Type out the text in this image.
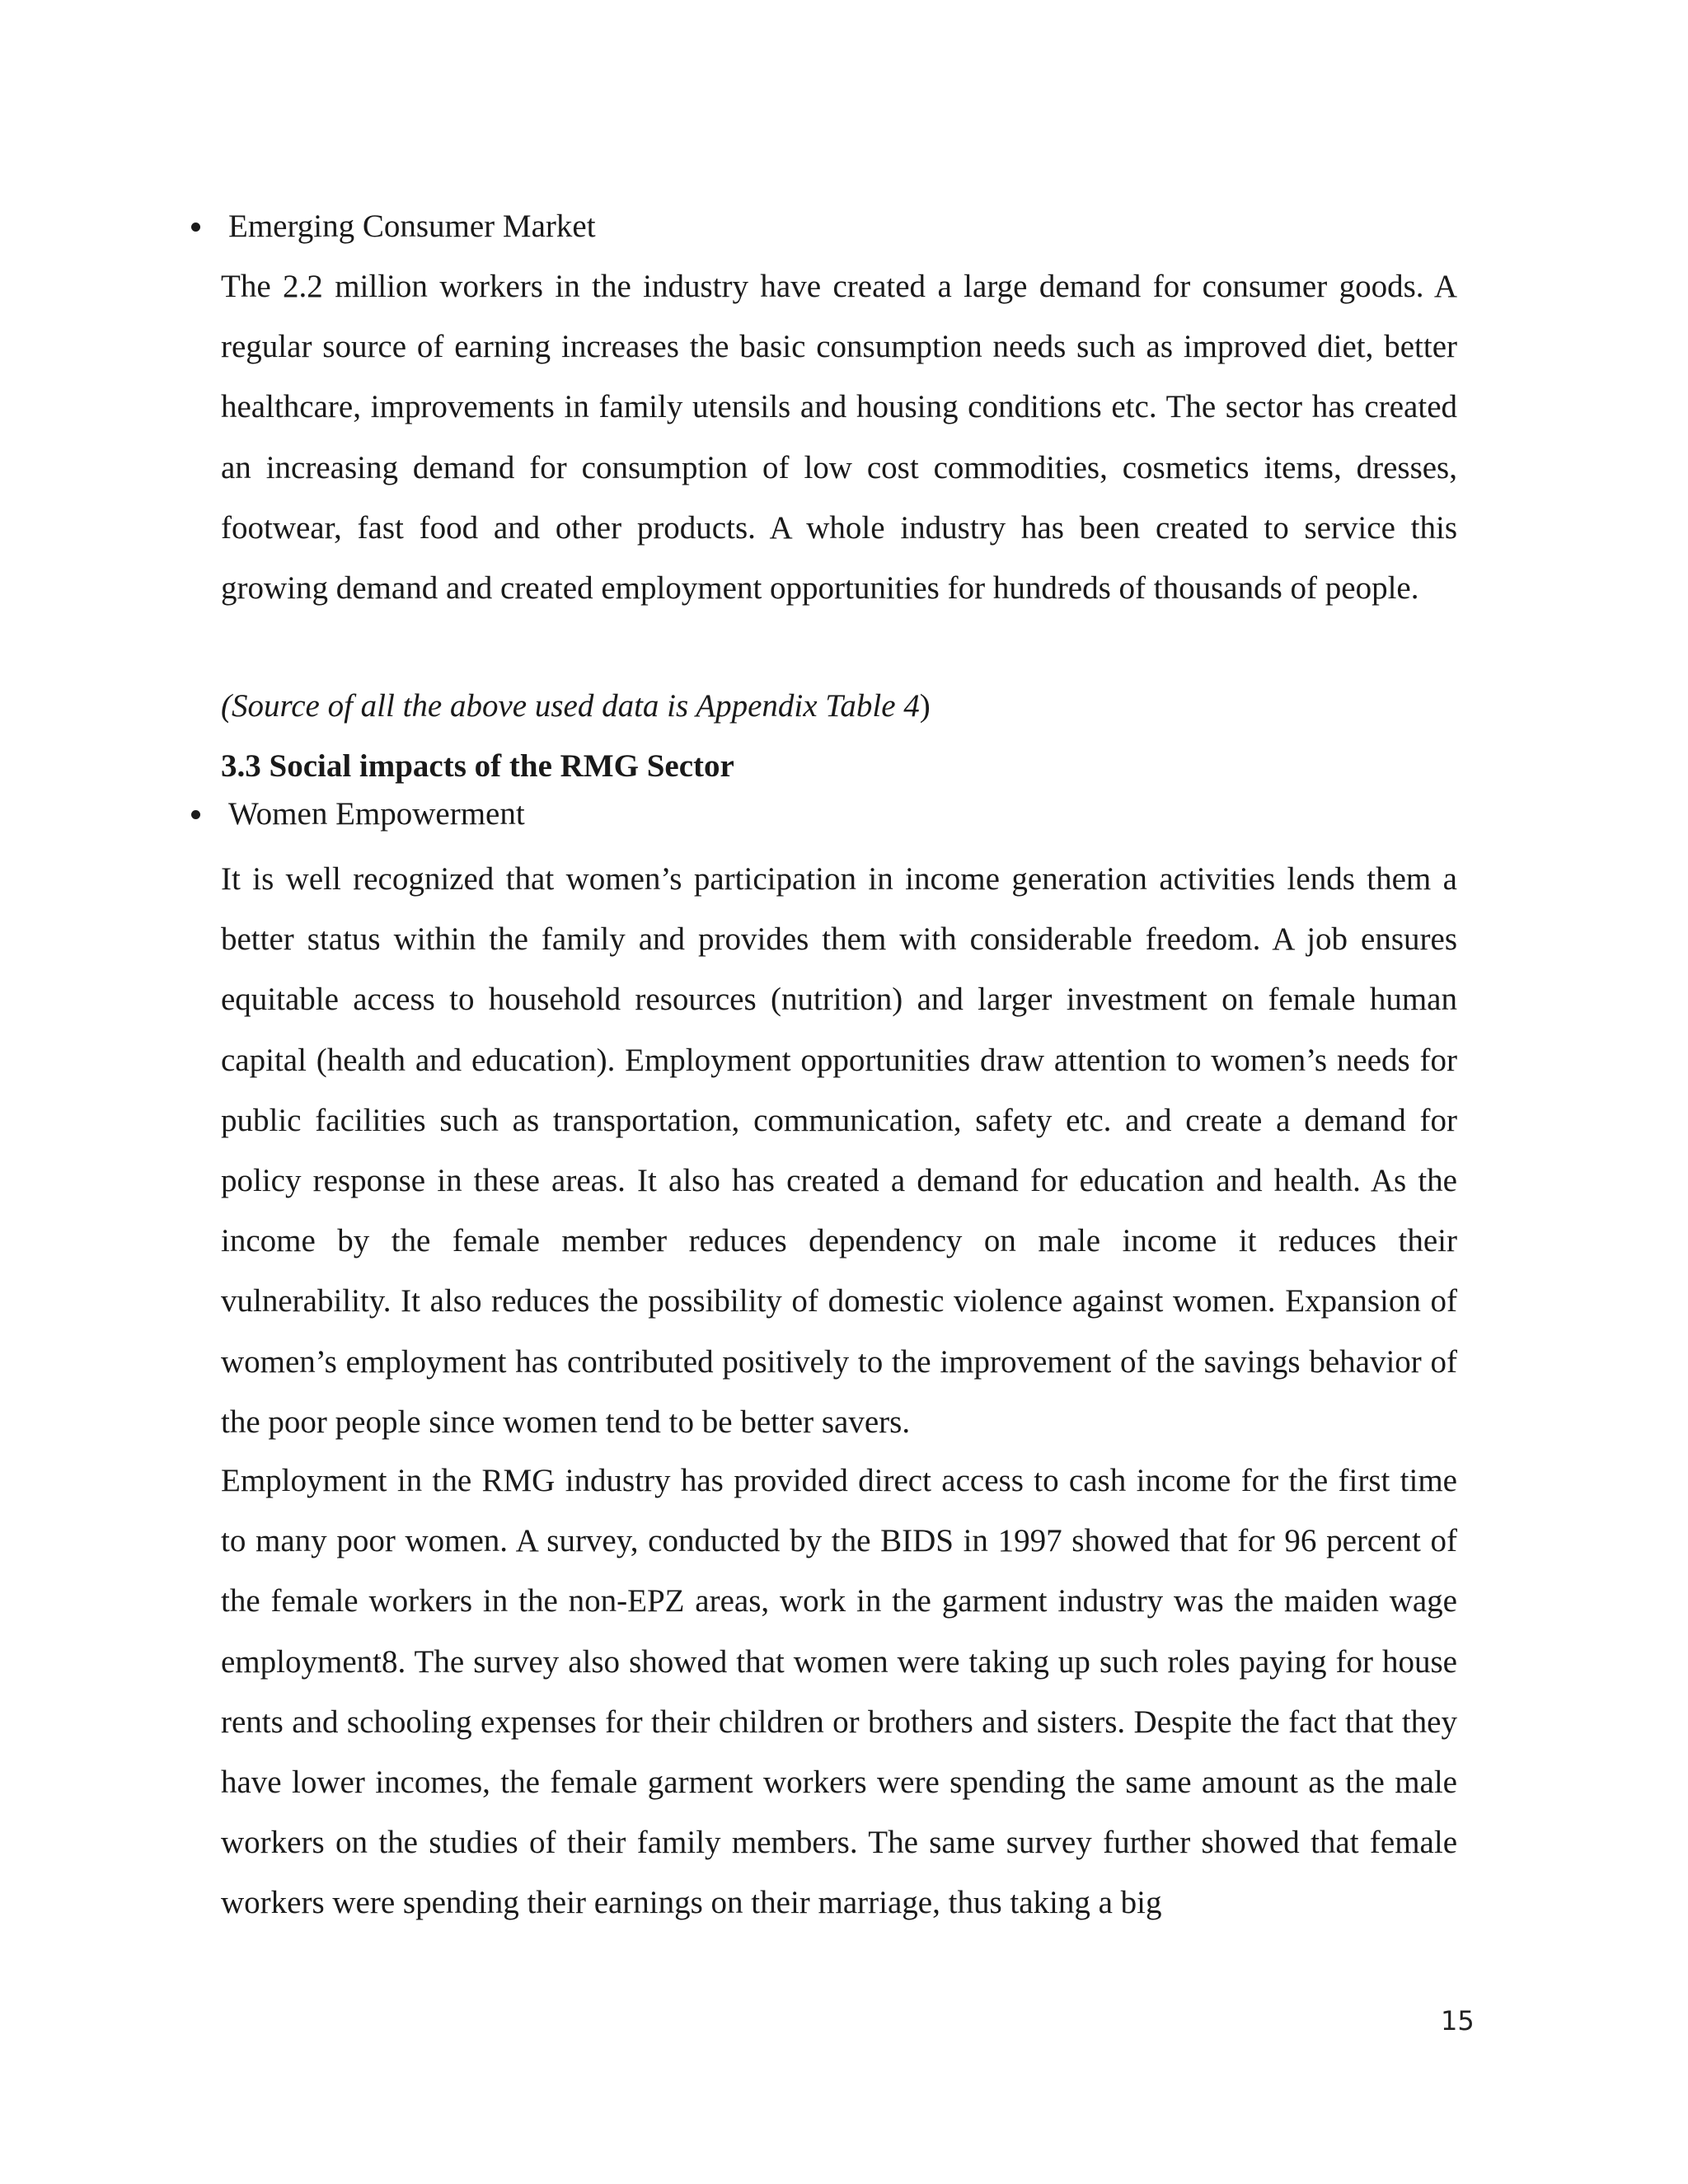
Emerging Consumer Market

The 2.2 million workers in the industry have created a large demand for consumer goods. A regular source of earning increases the basic consumption needs such as improved diet, better healthcare, improvements in family utensils and housing conditions etc. The sector has created an increasing demand for consumption of low cost commodities, cosmetics items, dresses, footwear, fast food and other products. A whole industry has been created to service this growing demand and created employment opportunities for hundreds of thousands of people.

(Source of all the above used data is Appendix Table 4)
3.3 Social impacts of the RMG Sector
Women Empowerment

It is well recognized that women’s participation in income generation activities lends them a better status within the family and provides them with considerable freedom. A job ensures equitable access to household resources (nutrition) and larger investment on female human capital (health and education). Employment opportunities draw attention to women’s needs for public facilities such as transportation, communication, safety etc. and create a demand for policy response in these areas. It also has created a demand for education and health. As the income by the female member reduces dependency on male income it reduces their vulnerability. It also reduces the possibility of domestic violence against women. Expansion of women’s employment has contributed positively to the improvement of the savings behavior of the poor people since women tend to be better savers.

Employment in the RMG industry has provided direct access to cash income for the first time to many poor women. A survey, conducted by the BIDS in 1997 showed that for 96 percent of the female workers in the non-EPZ areas, work in the garment industry was the maiden wage employment8. The survey also showed that women were taking up such roles paying for house rents and schooling expenses for their children or brothers and sisters. Despite the fact that they have lower incomes, the female garment workers were spending the same amount as the male workers on the studies of their family members. The same survey further showed that female workers were spending their earnings on their marriage, thus taking a big

15
